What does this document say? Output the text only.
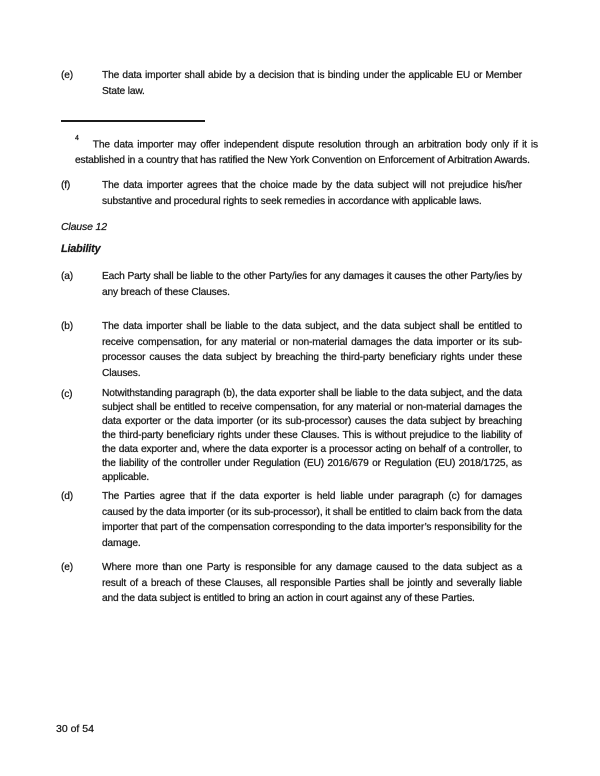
(e)	The data importer shall abide by a decision that is binding under the applicable EU or Member State law.
$^4$The data importer may offer independent dispute resolution through an arbitration body only if it is established in a country that has ratified the New York Convention on Enforcement of Arbitration Awards.
(f)	The data importer agrees that the choice made by the data subject will not prejudice his/her substantive and procedural rights to seek remedies in accordance with applicable laws.
Clause 12
Liability
(a)	Each Party shall be liable to the other Party/ies for any damages it causes the other Party/ies by any breach of these Clauses.
(b)	The data importer shall be liable to the data subject, and the data subject shall be entitled to receive compensation, for any material or non-material damages the data importer or its sub-processor causes the data subject by breaching the third-party beneficiary rights under these Clauses.
(c)	Notwithstanding paragraph (b), the data exporter shall be liable to the data subject, and the data subject shall be entitled to receive compensation, for any material or non-material damages the data exporter or the data importer (or its sub-processor) causes the data subject by breaching the third-party beneficiary rights under these Clauses. This is without prejudice to the liability of the data exporter and, where the data exporter is a processor acting on behalf of a controller, to the liability of the controller under Regulation (EU) 2016/679 or Regulation (EU) 2018/1725, as applicable.
(d)	The Parties agree that if the data exporter is held liable under paragraph (c) for damages caused by the data importer (or its sub-processor), it shall be entitled to claim back from the data importer that part of the compensation corresponding to the data importer’s responsibility for the damage.
(e)	Where more than one Party is responsible for any damage caused to the data subject as a result of a breach of these Clauses, all responsible Parties shall be jointly and severally liable and the data subject is entitled to bring an action in court against any of these Parties.
30 of 54
